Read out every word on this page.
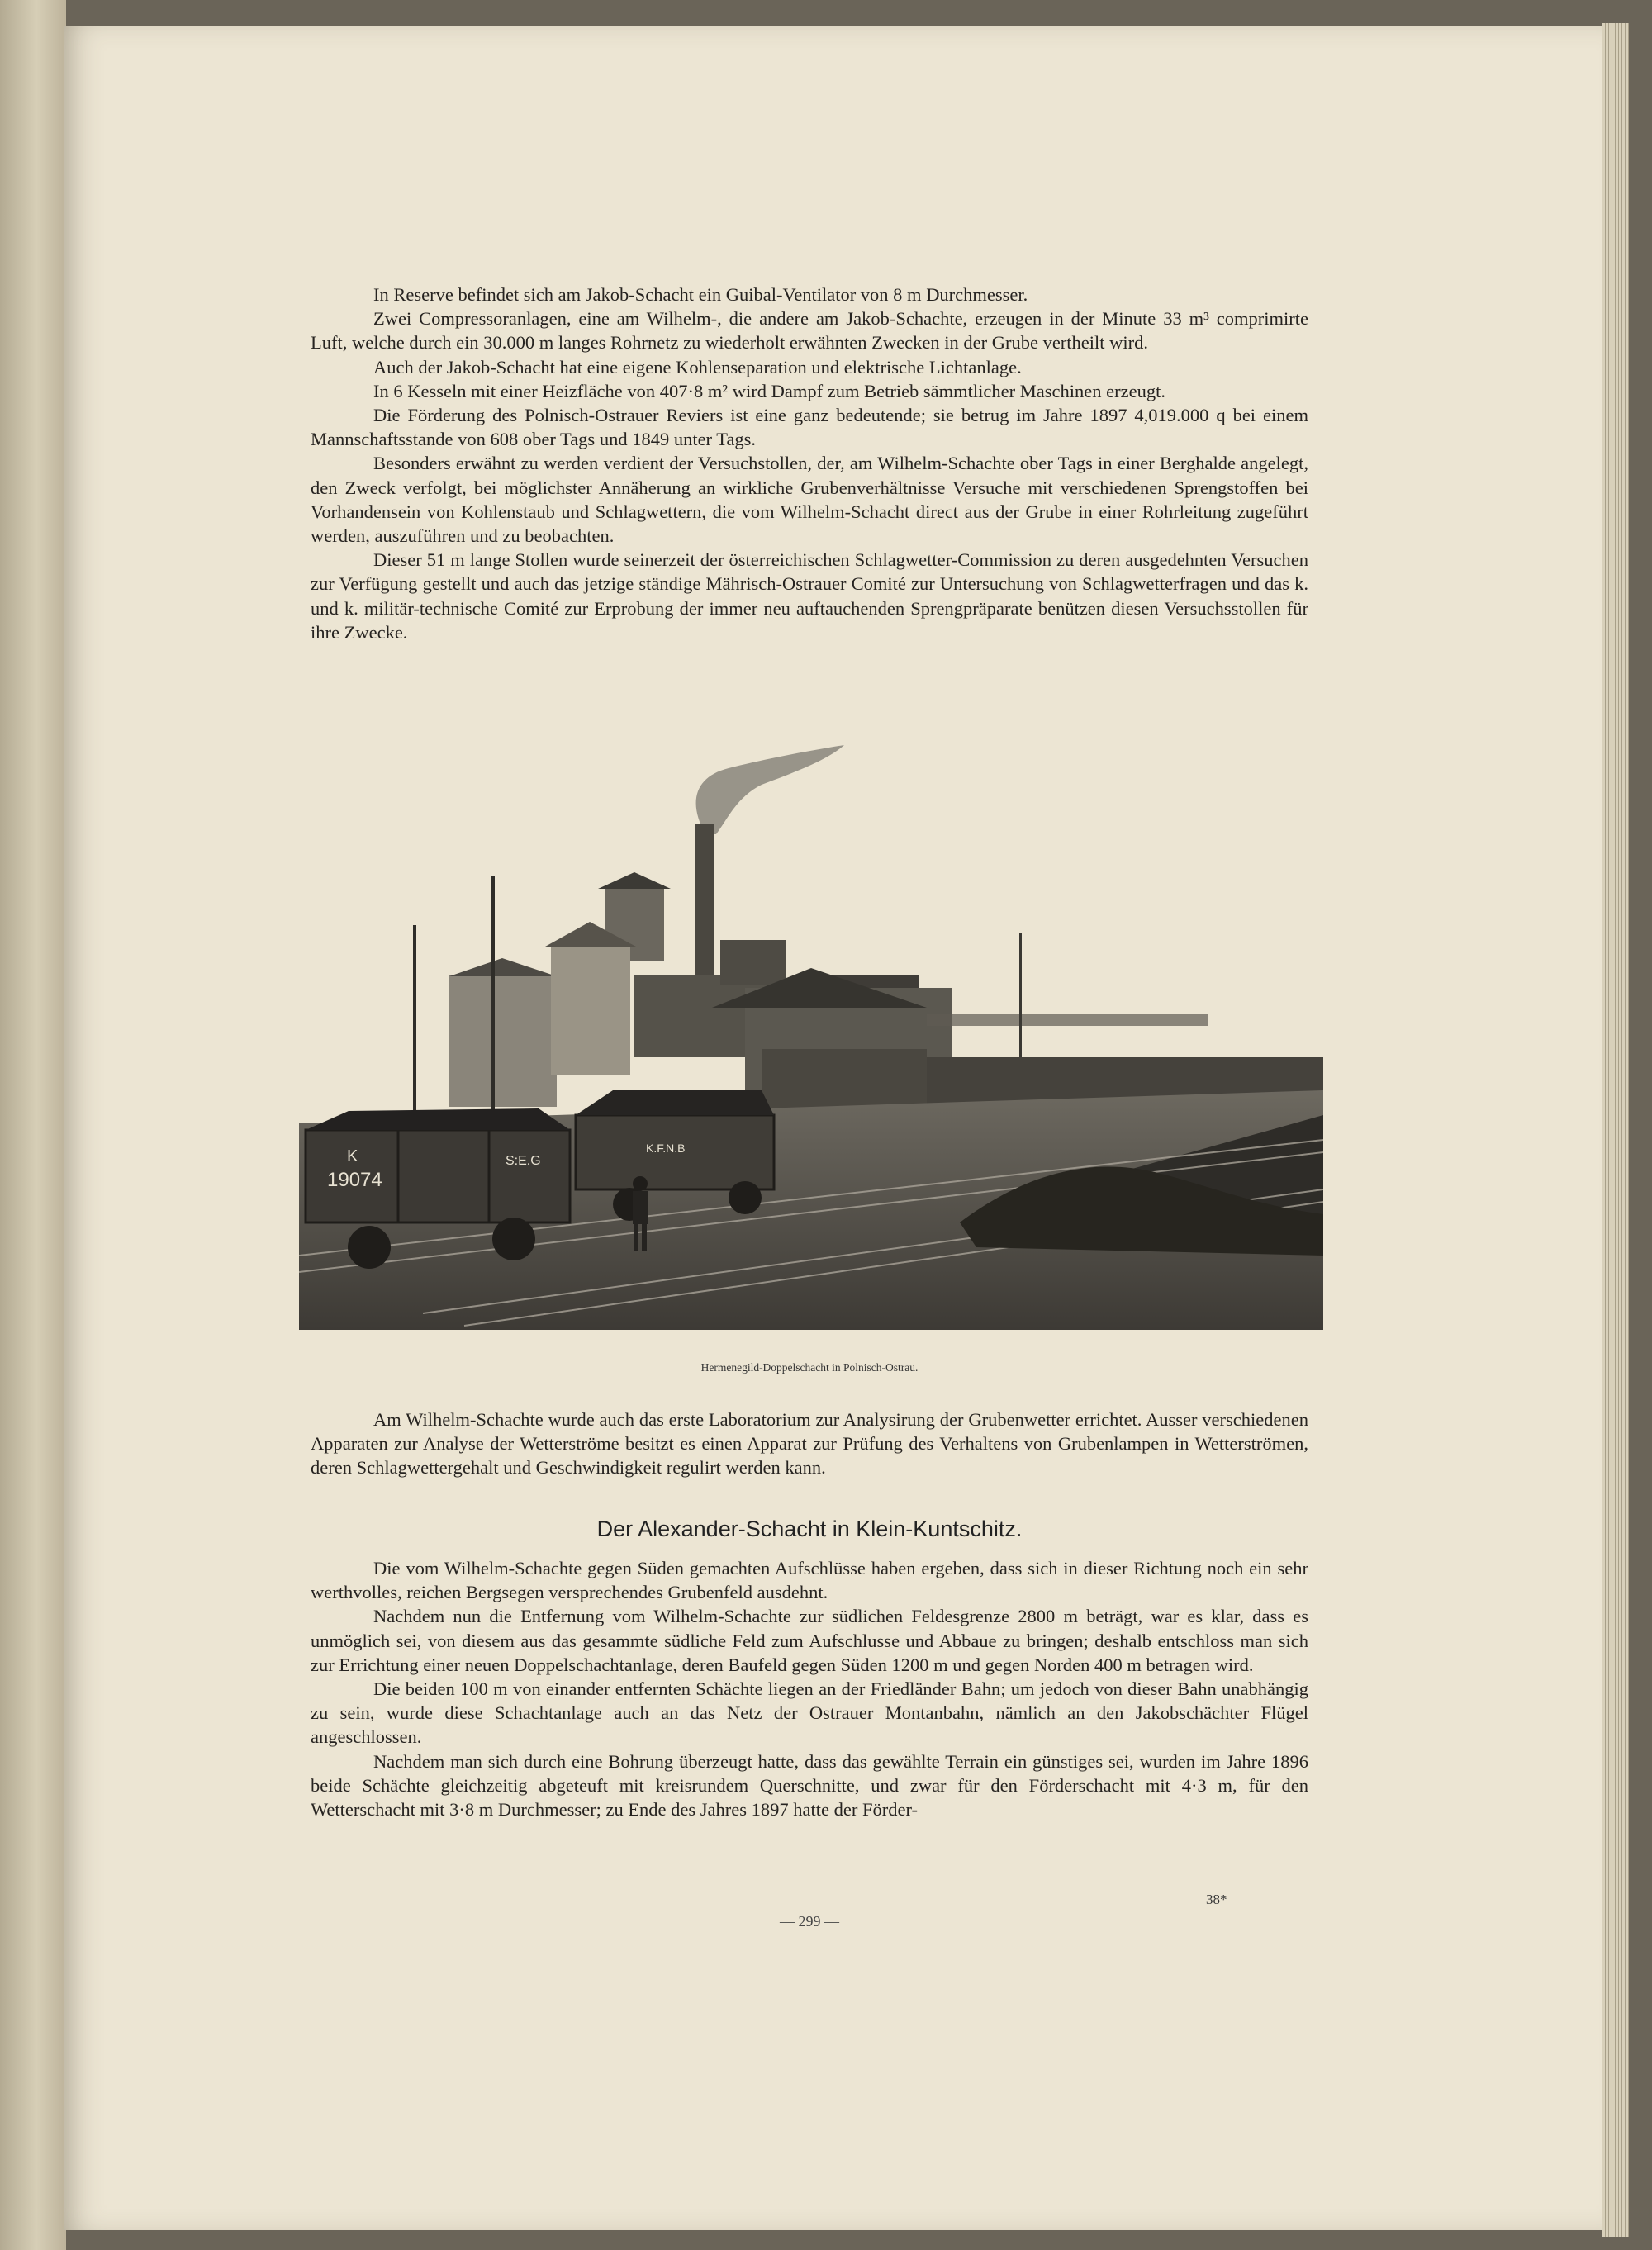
In Reserve befindet sich am Jakob-Schacht ein Guibal-Ventilator von 8 m Durchmesser.

Zwei Compressoranlagen, eine am Wilhelm-, die andere am Jakob-Schachte, erzeugen in der Minute 33 m³ comprimirte Luft, welche durch ein 30.000 m langes Rohrnetz zu wiederholt erwähnten Zwecken in der Grube vertheilt wird.

Auch der Jakob-Schacht hat eine eigene Kohlenseparation und elektrische Lichtanlage.

In 6 Kesseln mit einer Heizfläche von 407·8 m² wird Dampf zum Betrieb sämmtlicher Maschinen erzeugt.

Die Förderung des Polnisch-Ostrauer Reviers ist eine ganz bedeutende; sie betrug im Jahre 1897 4,019.000 q bei einem Mannschaftsstande von 608 ober Tags und 1849 unter Tags.

Besonders erwähnt zu werden verdient der Versuchstollen, der, am Wilhelm-Schachte ober Tags in einer Berghalde angelegt, den Zweck verfolgt, bei möglichster Annäherung an wirkliche Grubenverhältnisse Versuche mit verschiedenen Sprengstoffen bei Vorhandensein von Kohlenstaub und Schlagwettern, die vom Wilhelm-Schacht direct aus der Grube in einer Rohrleitung zugeführt werden, auszuführen und zu beobachten.

Dieser 51 m lange Stollen wurde seinerzeit der österreichischen Schlagwetter-Commission zu deren ausgedehnten Versuchen zur Verfügung gestellt und auch das jetzige ständige Mährisch-Ostrauer Comité zur Untersuchung von Schlagwetterfragen und das k. und k. militär-technische Comité zur Erprobung der immer neu auftauchenden Sprengpräparate benützen diesen Versuchsstollen für ihre Zwecke.

K
19074
S:E.G
K.F.N.B
Hermenegild-Doppelschacht in Polnisch-Ostrau.

Am Wilhelm-Schachte wurde auch das erste Laboratorium zur Analysirung der Grubenwetter errichtet. Ausser verschiedenen Apparaten zur Analyse der Wetterströme besitzt es einen Apparat zur Prüfung des Verhaltens von Grubenlampen in Wetterströmen, deren Schlagwettergehalt und Geschwindigkeit regulirt werden kann.

Der Alexander-Schacht in Klein-Kuntschitz.

Die vom Wilhelm-Schachte gegen Süden gemachten Aufschlüsse haben ergeben, dass sich in dieser Richtung noch ein sehr werthvolles, reichen Bergsegen versprechendes Grubenfeld ausdehnt.

Nachdem nun die Entfernung vom Wilhelm-Schachte zur südlichen Feldesgrenze 2800 m beträgt, war es klar, dass es unmöglich sei, von diesem aus das gesammte südliche Feld zum Aufschlusse und Abbaue zu bringen; deshalb entschloss man sich zur Errichtung einer neuen Doppelschachtanlage, deren Baufeld gegen Süden 1200 m und gegen Norden 400 m betragen wird.

Die beiden 100 m von einander entfernten Schächte liegen an der Friedländer Bahn; um jedoch von dieser Bahn unabhängig zu sein, wurde diese Schachtanlage auch an das Netz der Ostrauer Montanbahn, nämlich an den Jakobschächter Flügel angeschlossen.

Nachdem man sich durch eine Bohrung überzeugt hatte, dass das gewählte Terrain ein günstiges sei, wurden im Jahre 1896 beide Schächte gleichzeitig abgeteuft mit kreisrundem Querschnitte, und zwar für den Förderschacht mit 4·3 m, für den Wetterschacht mit 3·8 m Durchmesser; zu Ende des Jahres 1897 hatte der Förder-

38*
— 299 —
